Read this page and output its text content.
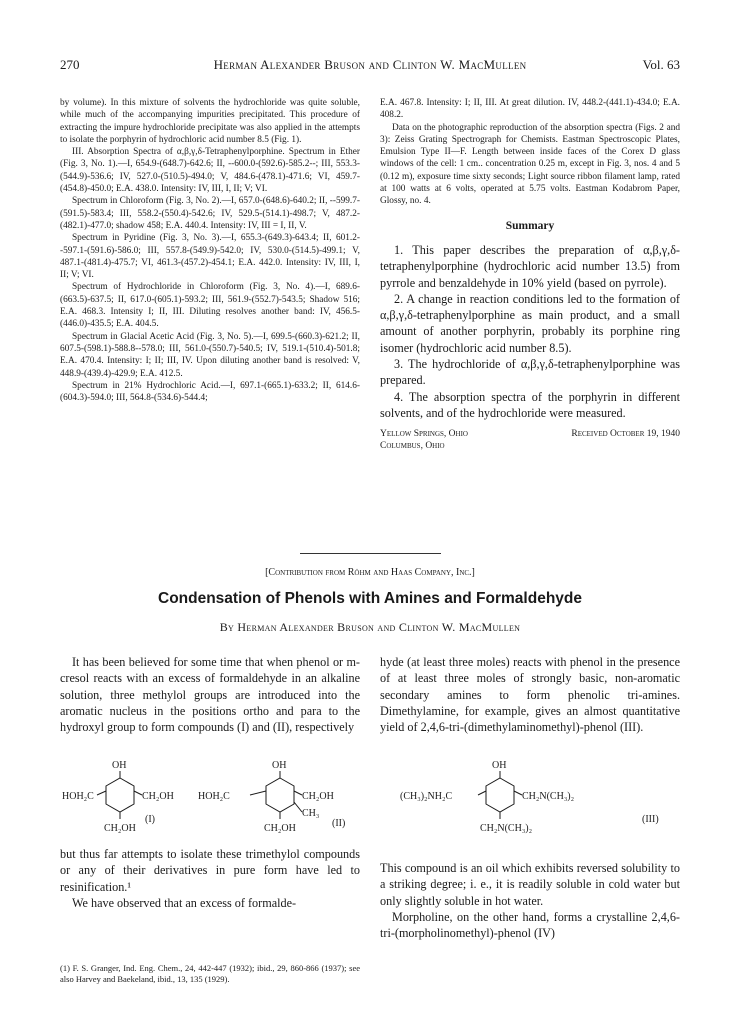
270	Herman Alexander Bruson and Clinton W. MacMullen	Vol. 63

by volume). In this mixture of solvents the hydrochloride was quite soluble, while much of the accompanying impurities precipitated. This procedure of extracting the impure hydrochloride precipitate was also applied in the attempts to isolate the porphyrin of hydrochloric acid number 8.5 (Fig. 1).

III. Absorption Spectra of α,β,γ,δ-Tetraphenylporphine. Spectrum in Ether (Fig. 3, No. 1).—I, 654.9-(648.7)-642.6; II, --600.0-(592.6)-585.2--; III, 553.3-(544.9)-536.6; IV, 527.0-(510.5)-494.0; V, 484.6-(478.1)-471.6; VI, 459.7-(454.8)-450.0; E.A. 438.0. Intensity: IV, III, I, II; V; VI.

Spectrum in Chloroform (Fig. 3, No. 2).—I, 657.0-(648.6)-640.2; II, --599.7-(591.5)-583.4; III, 558.2-(550.4)-542.6; IV, 529.5-(514.1)-498.7; V, 487.2-(482.1)-477.0; shadow 458; E.A. 440.4. Intensity: IV, III = I, II, V.

Spectrum in Pyridine (Fig. 3, No. 3).—I, 655.3-(649.3)-643.4; II, 601.2--597.1-(591.6)-586.0; III, 557.8-(549.9)-542.0; IV, 530.0-(514.5)-499.1; V, 487.1-(481.4)-475.7; VI, 461.3-(457.2)-454.1; E.A. 442.0. Intensity: IV, III, I, II; V; VI.

Spectrum of Hydrochloride in Chloroform (Fig. 3, No. 4).—I, 689.6-(663.5)-637.5; II, 617.0-(605.1)-593.2; III, 561.9-(552.7)-543.5; Shadow 516; E.A. 468.3. Intensity I; II, III. Diluting resolves another band: IV, 456.5-(446.0)-435.5; E.A. 404.5.

Spectrum in Glacial Acetic Acid (Fig. 3, No. 5).—I, 699.5-(660.3)-621.2; II, 607.5-(598.1)-588.8--578.0; III, 561.0-(550.7)-540.5; IV, 519.1-(510.4)-501.8; E.A. 470.4. Intensity: I; II; III, IV. Upon diluting another band is resolved: V, 448.9-(439.4)-429.9; E.A. 412.5.

Spectrum in 21% Hydrochloric Acid.—I, 697.1-(665.1)-633.2; II, 614.6-(604.3)-594.0; III, 564.8-(534.6)-544.4;

E.A. 467.8. Intensity: I; II, III. At great dilution. IV, 448.2-(441.1)-434.0; E.A. 408.2.

Data on the photographic reproduction of the absorption spectra (Figs. 2 and 3): Zeiss Grating Spectrograph for Chemists. Eastman Spectroscopic Plates, Emulsion Type II—F. Length between inside faces of the Corex D glass windows of the cell: 1 cm.. concentration 0.25 m, except in Fig. 3, nos. 4 and 5 (0.12 m), exposure time sixty seconds; Light source ribbon filament lamp, rated at 100 watts at 6 volts, operated at 5.75 volts. Eastman Kodabrom Paper, Glossy, no. 4.

Summary

1. This paper describes the preparation of α,β,γ,δ-tetraphenylporphine (hydrochloric acid number 13.5) from pyrrole and benzaldehyde in 10% yield (based on pyrrole).

2. A change in reaction conditions led to the formation of α,β,γ,δ-tetraphenylporphine as main product, and a small amount of another porphyrin, probably its porphine ring isomer (hydrochloric acid number 8.5).

3. The hydrochloride of α,β,γ,δ-tetraphenylporphine was prepared.

4. The absorption spectra of the porphyrin in different solvents, and of the hydrochloride were measured.

Yellow Springs, Ohio
Columbus, Ohio
Received October 19, 1940
[Contribution from Röhm and Haas Company, Inc.]
Condensation of Phenols with Amines and Formaldehyde
By Herman Alexander Bruson and Clinton W. MacMullen

It has been believed for some time that when phenol or m-cresol reacts with an excess of formaldehyde in an alkaline solution, three methylol groups are introduced into the aromatic nucleus in the positions ortho and para to the hydroxyl group to form compounds (I) and (II), respectively

hyde (at least three moles) reacts with phenol in the presence of at least three moles of strongly basic, non-aromatic secondary amines to form phenolic tri-amines. Dimethylamine, for example, gives an almost quantitative yield of 2,4,6-tri-(dimethylaminomethyl)-phenol (III).

OH
HOH₂C	CH₂OH
CH₂OH
(I)
OH
HOH₂C	CH₂OH
CH₃
CH₂OH	(II)
OH
(CH₃)₂NH₂C	CH₂N(CH₃)₂
CH₂N(CH₃)₂
(III)

but thus far attempts to isolate these trimethylol compounds or any of their derivatives in pure form have led to resinification.¹

We have observed that an excess of formalde-

(1) F. S. Granger, Ind. Eng. Chem., 24, 442-447 (1932); ibid., 29, 860-866 (1937); see also Harvey and Baekeland, ibid., 13, 135 (1929).

This compound is an oil which exhibits reversed solubility to a striking degree; i. e., it is readily soluble in cold water but only slightly soluble in hot water.

Morpholine, on the other hand, forms a crystalline 2,4,6-tri-(morpholinomethyl)-phenol (IV)
